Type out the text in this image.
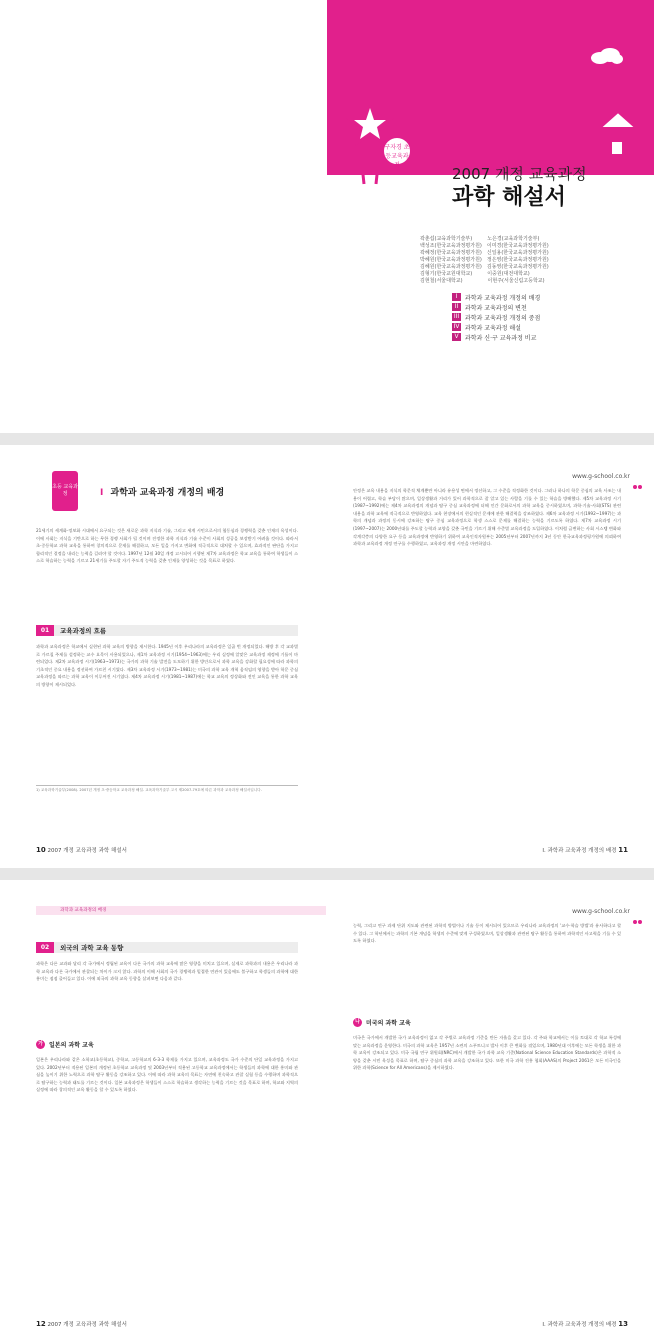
구자경 초등교육과정	2007 개정 교육과정
과학 해설서
곽춘섭(교육과학기술부)　　　노은경(교육과학기술부)
백성조(한국교육과정평가원)　이미경(한국교육과정평가원)
곽혜정(한국교육과정평가원)　신일용(한국교육과정평가원)
박혜원(한국교육과정평가원)　정은영(한국교육과정평가원)
김혜원(한국교육과정평가원)　김동영(한국교육과정평가원)
김형기(한국교원대학교)　　　이중원(대전대학교)
김현철(서울대학교)　　　　　이현주(서울신림고등학교)
I	과학과 교육과정 개정의 배경
II	과학과 교육과정의 변천
III 과학과 교육과정 개정의 중점
IV 과학과 교육과정 해설
V	과학과 신·구 교육과정 비교
초등 교육과정	I 과학과 교육과정 개정의 배경
21세기의 세계화·정보화 시대에서 요구되는 것은 새로운 과학 지식과 기술, 그리고 세계 시민으로서의 협동심과 경쟁력을 갖춘 인재의 육성이다. 이에 사회는 지식을 기반으로 하는 무한 경쟁 사회가 될 것이며 진정한 과학 지식과 기술 수준이 사회의 성공을 보장받기 어려울 것이다. 따라서 초·중등학교 과학 교육을 통하여 창의적으로 문제를 해결하고, 모든 일을 가지고 변화에 적극적으로 대처할 수 있으며, 효과적인 판단을 가지고 합리적인 결정을 내리는 능력을 길러야 할 것이다. 1997년 12월 30일 개정 고시되어 시행된 제7차 교육과정은 학교 교육을 통하여 학생들이 스스로 학습하는 능력을 기르고 21세기를 주도할 자기 주도적 능력을 갖춘 인재를 양성하는 것을 목표로 하였다.
01	교육과정의 흐름
과학과 교육과정은 학교에서 실현된 과학 교육의 방향을 제시한다. 1945년 이후 우리나라의 교육과정은 일곱 번 개정되었다. 해방 후 각 교과별로 가르칠 주제를 설정하는 교수 요목이 사용되었으나, 제1차 교육과정 시기(1954~1963)에는 우리 실정에 알맞은 교육과정 제정에 기틀이 마련되었다. 제2차 교육과정 시기(1963~1973)는 국가의 과학 기술 발전을 도모하기 위한 방안으로서 과학 교육을 강화할 필요성에 따라 과학의 기초적인 중요 내용을 정선하여 가르친 시기였다. 제3차 교육과정 시기(1973~1981)는 미국의 과학 교육 개혁 움직임의 영향을 받아 학문 중심 교육과정을 따르는 과학 교육이 이루어진 시기였다. 제4차 교육과정 시기(1981~1987)에는 학교 교육의 정상화와 전인 교육을 통한 과학 교육의 방향이 제시되었다.
1) 교육과학기술부(2008). 2007년 개정 초·중등학교 교육과정 해설. 교육과학기술부 고시 제2007-79호에 따른 과학과 교육과정 해설서입니다.
10 2007 개정 교육과정 과학 해설서
www.g-school.co.kr
안정은 교육 내용을 지식의 학문적 체계뿐만 아니라 유용성 면에서 정선하고, 그 수준을 적정화한 것이다. 그러나 하나의 학문 중심의 교육 사조는 내용이 어렵고, 학습 부담이 많으며, 일상생활과 거리가 있어 과학적으로 잘 알고 있는 사람을 기를 수 있는 학습을 방해했다. 제5차 교육과정 시기(1987~1992)에는 제4차 교육과정의 개념과 탐구 중심 교육과정에 더해 인간 문화로서의 과학 교육을 중시하였으며, 과학·기술·사회(STS) 관련 내용을 과학 교육에 적극적으로 반영하였다. 교육 현장에서의 현실적인 문제에 관한 해결력을 강조하였다. 제6차 교육과정 시기(1992~1997)는 과학의 개념과 과정의 동시에 강조하는 탐구 중심 교육과정으로 학생 스스로 문제를 해결하는 능력을 기르도록 하였다. 제7차 교육과정 시기(1997~2007)는 2000년대를 주도할 능력과 교양을 갖춘 국민을 기르기 위해 수준별 교육과정을 도입하였다. 이처럼 급변하는 사회 시스템 변화와 각계각층의 다양한 요구 등을 교육과정에 반영하기 위하여 교육인적자원부는 2005년부터 2007년까지 3년 동안 한국교육과정평가원에 의뢰하여 과학과 교육과정 개정 연구를 수행하였고, 교육과정 개정 시안을 마련하였다.
I. 과학과 교육과정 개정의 배경 11
과학과 교육과정의 배경
02	외국의 과학 교육 동향
과학은 다른 교과와 달리 각 국가에서 정립된 교육이 다른 국가의 과학 교육에 많은 영향을 미치고 있으며, 실제로 과학과의 내용은 우리나라 과학 교육과 다른 국가에서 관찰되는 차이가 크지 않다. 과학의 이해 사회의 국가 경쟁력과 밀접한 연관이 있음에도 불구하고 학생들의 과학에 대한 흥미는 점점 줄어들고 있다. 이에 외국의 과학 교육 동향을 살펴보면 다음과 같다.
가	일본의 과학 교육
일본은 우리나라와 같은 소학교(초등학교), 중학교, 고등학교의 6-3-3 학제를 가지고 있으며, 교육과정도 국가 수준의 단일 교육과정을 가지고 있다. 2002년부터 적용된 일본의 개정된 초등학교 교육과정 및 2003년부터 적용된 고등학교 교육과정에서는 학생들의 과학에 대한 흥미와 관심을 높이기 위한 노력으로 과학 탐구 활동을 강조하고 있다. 이에 따라 과학 교육의 목표는 자연에 친숙하고 관찰 실험 등을 수행하며 과학적으로 탐구하는 능력과 태도를 기르는 것이다. 일본 교육과정은 학생들이 스스로 학습하고 생각하는 능력을 기르는 것을 목표로 하며, 학교와 지역의 실정에 따라 창의적인 교육 활동을 할 수 있도록 하였다.
12 2007 개정 교육과정 과학 해설서
www.g-school.co.kr
능력, 그리고 연구 과제 단위 지도와 관련된 과학적 방법이나 기술 등이 제시되어 있으므로 우리나라 교육과정의 '교수·학습 방법'과 유사하다고 할 수 있다. 그 학년에서는 과학의 기본 개념을 학생의 수준에 맞게 구성하였으며, 일상생활과 관련된 탐구 활동을 통하여 과학적인 사고력을 기를 수 있도록 하였다.
나	미국의 과학 교육
미국은 국가에서 개발한 국가 교육과정이 없고 각 주별로 교육과정 기준을 만든 자율을 갖고 있다. 각 주와 학교에서는 이를 토대로 각 학교 특성에 맞는 교육과정을 운영한다. 미국의 과학 교육은 1957년 소련의 스푸트니크 발사 이후 큰 변화를 겪었으며, 1980년대 이후에는 모든 학생을 위한 과학 교육이 강조되고 있다. 미국 국립 연구 위원회(NRC)에서 개발한 국가 과학 교육 기준(National Science Education Standards)은 과학적 소양을 갖춘 시민 육성을 목표로 하며, 탐구 중심의 과학 교육을 강조하고 있다. 또한 미국 과학 진흥 협회(AAAS)의 Project 2061은 모든 미국인을 위한 과학(Science for All Americans)을 제시하였다.
I. 과학과 교육과정 개정의 배경 13
